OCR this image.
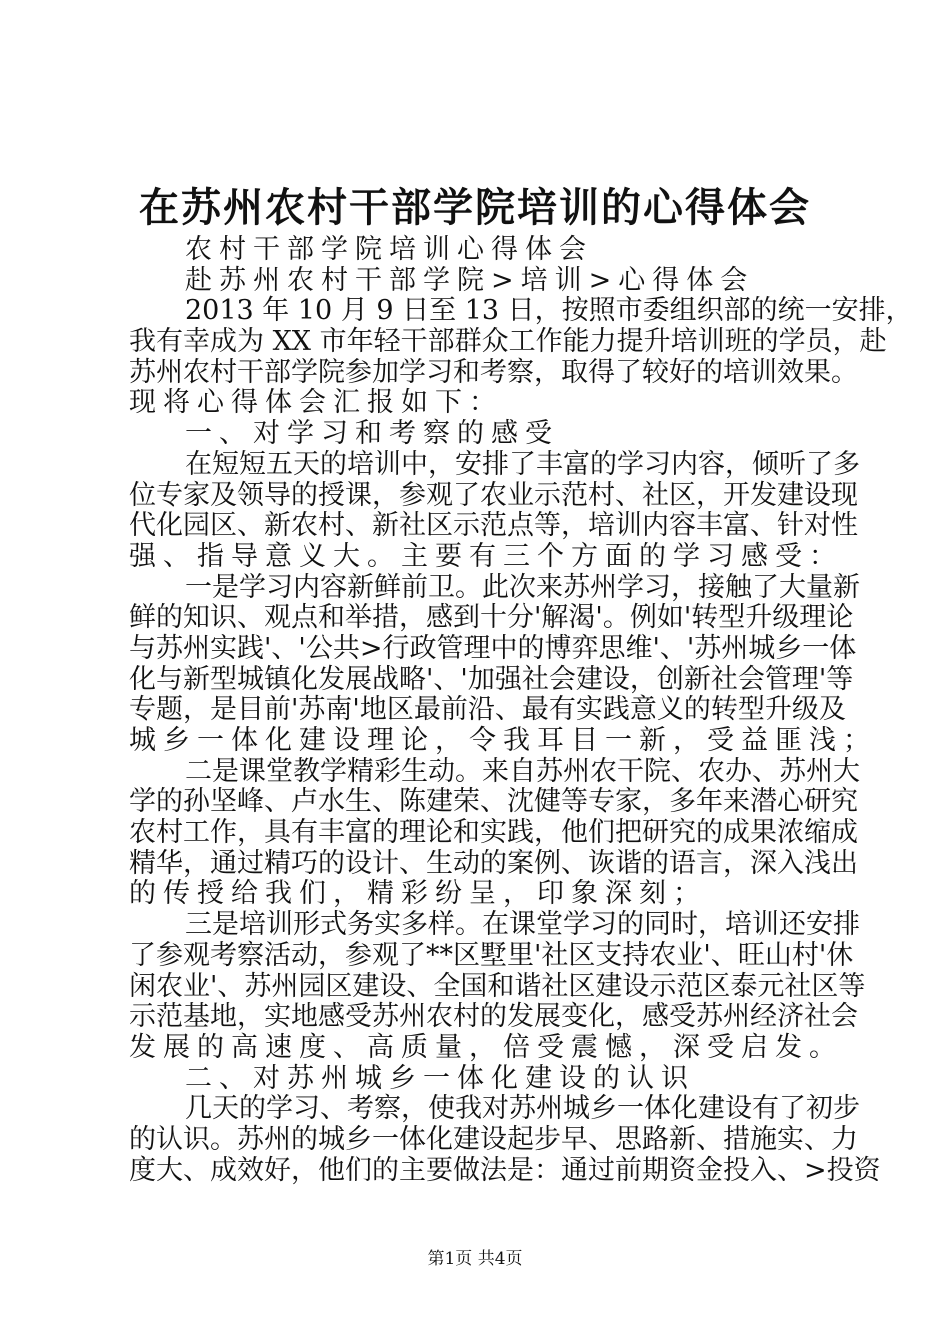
在苏州农村干部学院培训的心得体会
农村干部学院培训心得体会
赴苏州农村干部学院>培训>心得体会
2013 年 10 月 9 日至 13 日，按照市委组织部的统一安排，
我有幸成为 XX 市年轻干部群众工作能力提升培训班的学员，赴
苏州农村干部学院参加学习和考察，取得了较好的培训效果。
现将心得体会汇报如下：
一、对学习和考察的感受
在短短五天的培训中，安排了丰富的学习内容，倾听了多
位专家及领导的授课，参观了农业示范村、社区，开发建设现
代化园区、新农村、新社区示范点等，培训内容丰富、针对性
强、指导意义大。主要有三个方面的学习感受：
一是学习内容新鲜前卫。此次来苏州学习，接触了大量新
鲜的知识、观点和举措，感到十分'解渴'。例如'转型升级理论
与苏州实践'、'公共>行政管理中的博弈思维'、'苏州城乡一体
化与新型城镇化发展战略'、'加强社会建设，创新社会管理'等
专题，是目前'苏南'地区最前沿、最有实践意义的转型升级及
城乡一体化建设理论，令我耳目一新，受益匪浅；
二是课堂教学精彩生动。来自苏州农干院、农办、苏州大
学的孙坚峰、卢水生、陈建荣、沈健等专家，多年来潜心研究
农村工作，具有丰富的理论和实践，他们把研究的成果浓缩成
精华，通过精巧的设计、生动的案例、诙谐的语言，深入浅出
的传授给我们，精彩纷呈，印象深刻；
三是培训形式务实多样。在课堂学习的同时，培训还安排
了参观考察活动，参观了**区墅里'社区支持农业'、旺山村'休
闲农业'、苏州园区建设、全国和谐社区建设示范区泰元社区等
示范基地，实地感受苏州农村的发展变化，感受苏州经济社会
发展的高速度、高质量，倍受震憾，深受启发。
二、对苏州城乡一体化建设的认识
几天的学习、考察，使我对苏州城乡一体化建设有了初步
的认识。苏州的城乡一体化建设起步早、思路新、措施实、力
度大、成效好，他们的主要做法是：通过前期资金投入、>投资
第1页 共4页
